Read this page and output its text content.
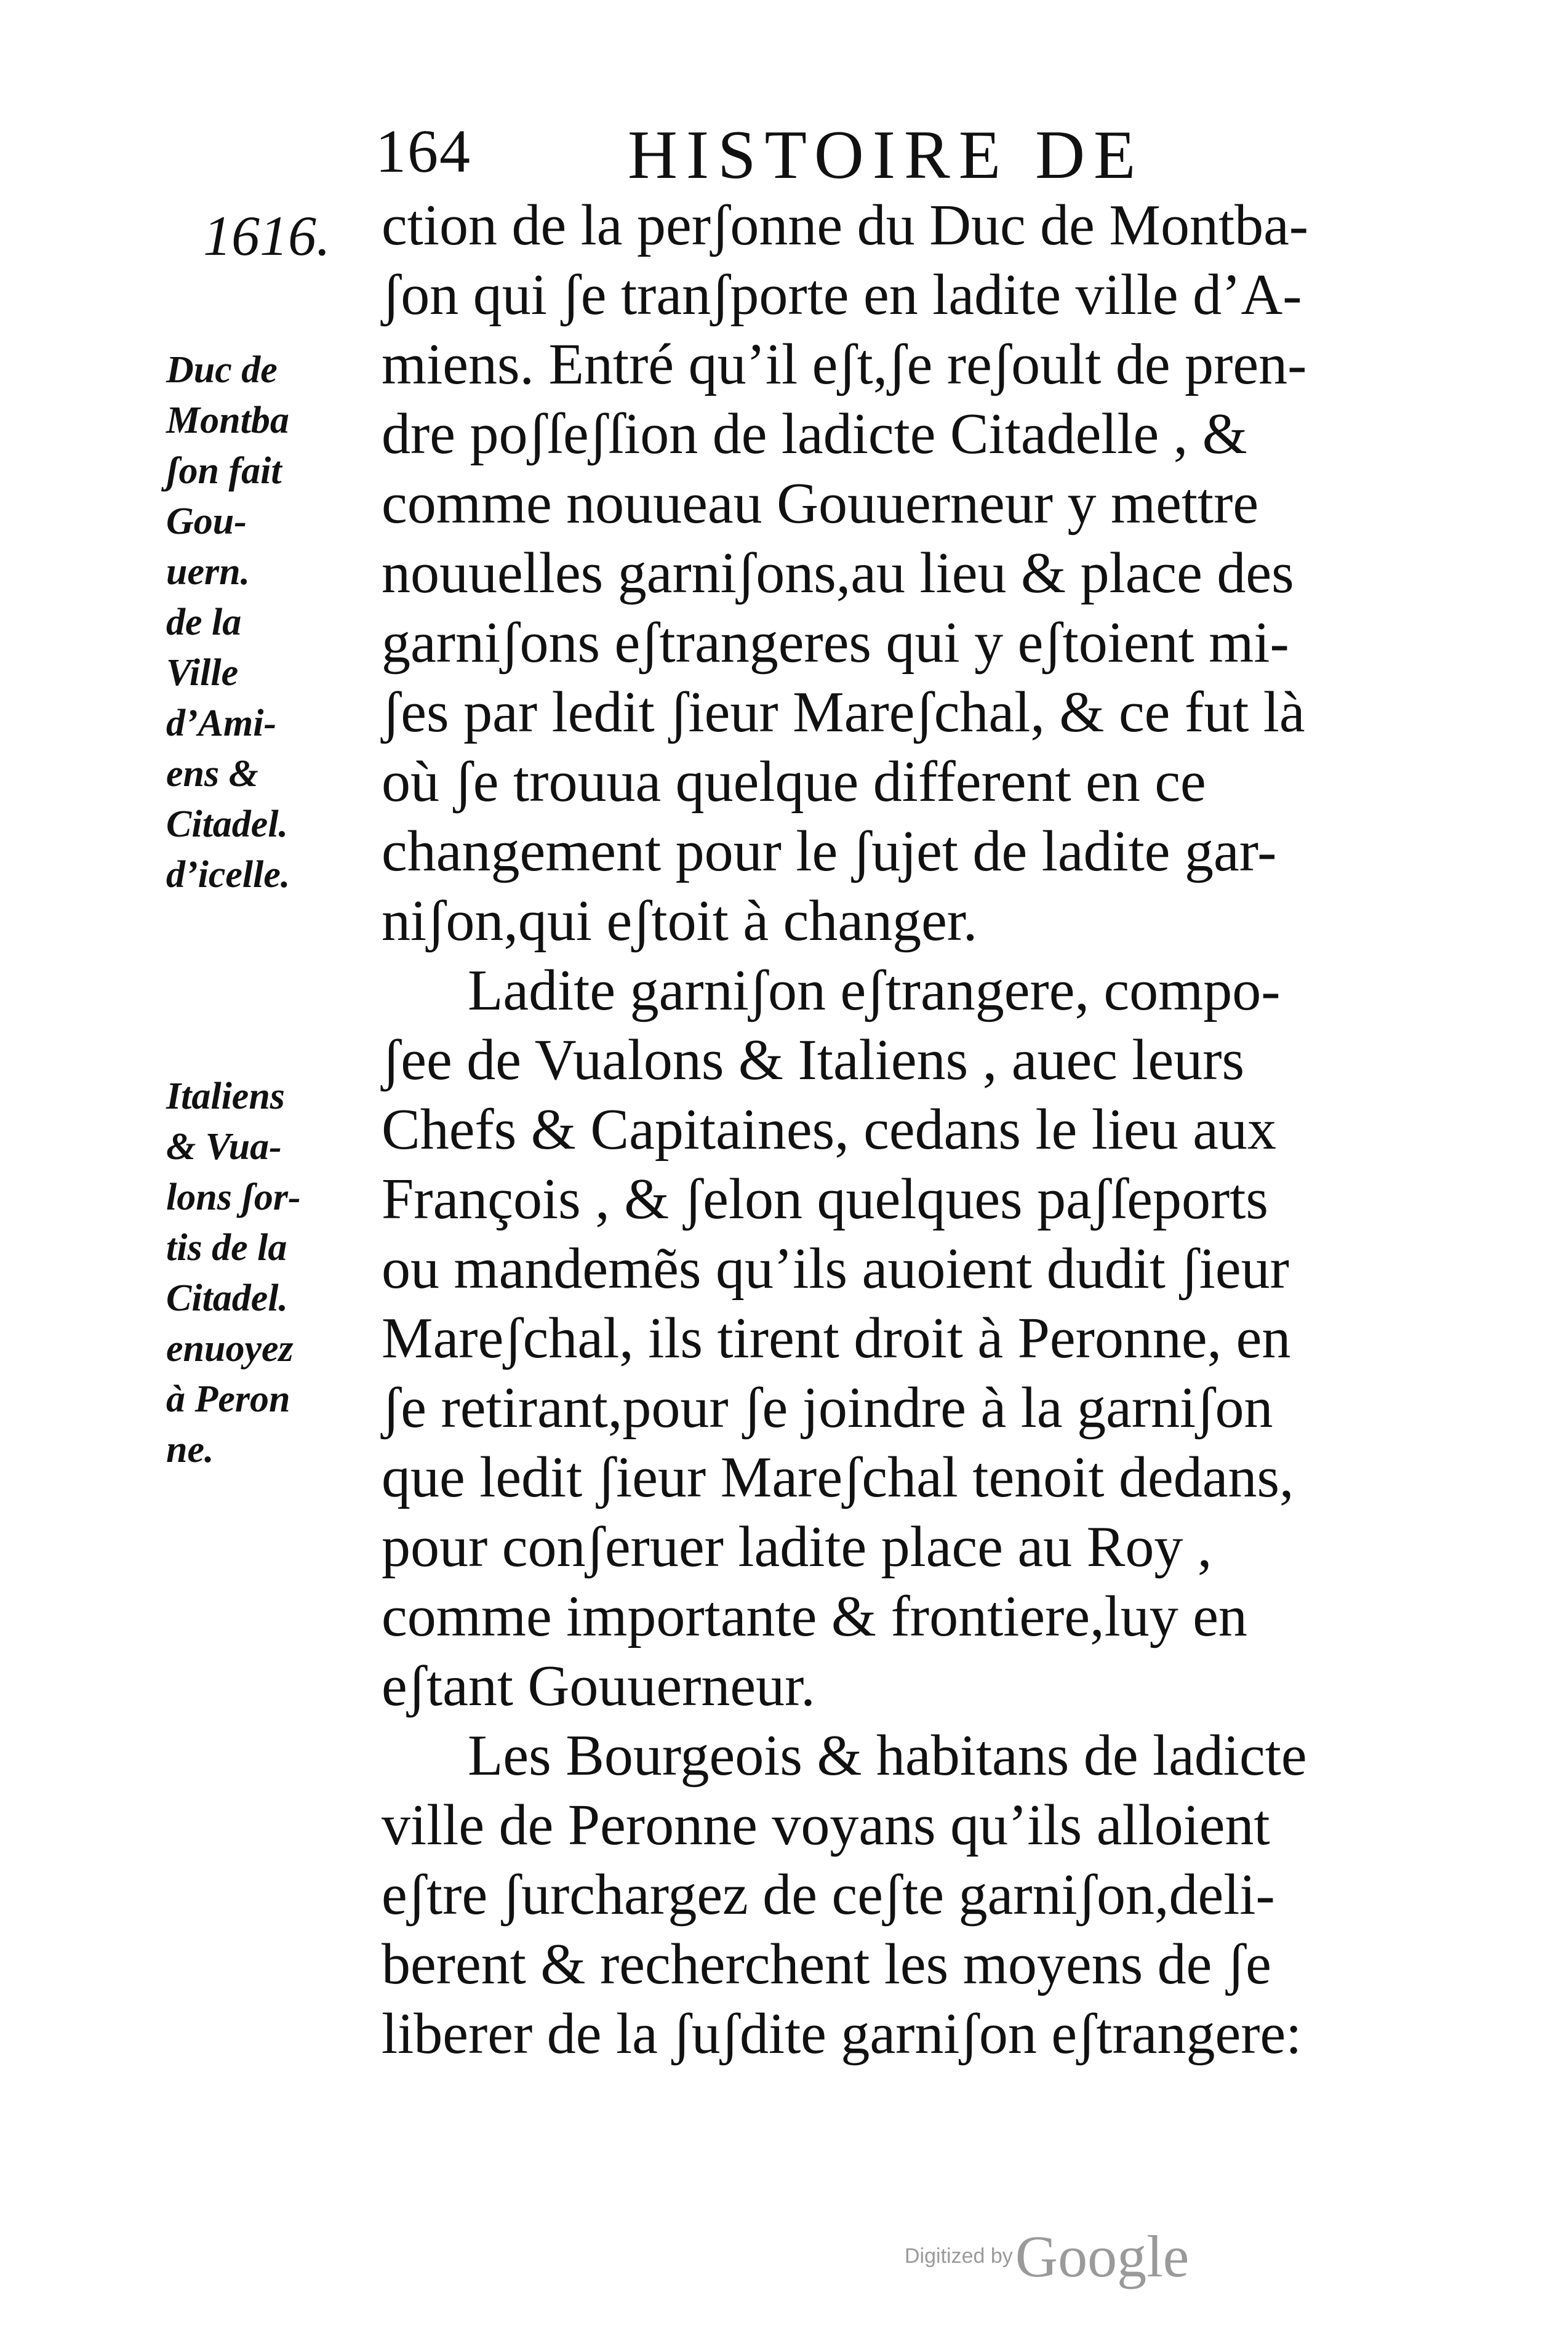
164 HISTOIRE DE
1616.
Duc de
Montba
ʃon fait
Gou-
uern.
de la
Ville
d’Ami-
ens &
Citadel.
d’icelle.
Italiens
& Vua-
lons ʃor-
tis de la
Citadel.
enuoyez
à Peron
ne.
ction de la perʃonne du Duc de Montba-
ʃon qui ʃe tranʃporte en ladite ville d’A-
miens. Entré qu’il eʃt,ʃe reʃoult de pren-
dre poʃſeʃſion de ladicte Citadelle , &
comme nouueau Gouuerneur y mettre
nouuelles garniʃons,au lieu & place des
garniʃons eʃtrangeres qui y eʃtoient mi-
ʃes par ledit ʃieur Mareʃchal, & ce fut là
où ʃe trouua quelque different en ce
changement pour le ʃujet de ladite gar-
niʃon,qui eʃtoit à changer.
Ladite garniʃon eʃtrangere, compo-
ʃee de Vualons & Italiens , auec leurs
Chefs & Capitaines, cedans le lieu aux
François , & ʃelon quelques paʃſeports
ou mandemẽs qu’ils auoient dudit ʃieur
Mareʃchal, ils tirent droit à Peronne, en
ʃe retirant,pour ʃe joindre à la garniʃon
que ledit ʃieur Mareʃchal tenoit dedans,
pour conʃeruer ladite place au Roy ,
comme importante & frontiere,luy en
eʃtant Gouuerneur.
Les Bourgeois & habitans de ladicte
ville de Peronne voyans qu’ils alloient
eʃtre ʃurchargez de ceʃte garniʃon,deli-
berent & recherchent les moyens de ʃe
liberer de la ʃuʃdite garniʃon eʃtrangere:
Digitized by Google
